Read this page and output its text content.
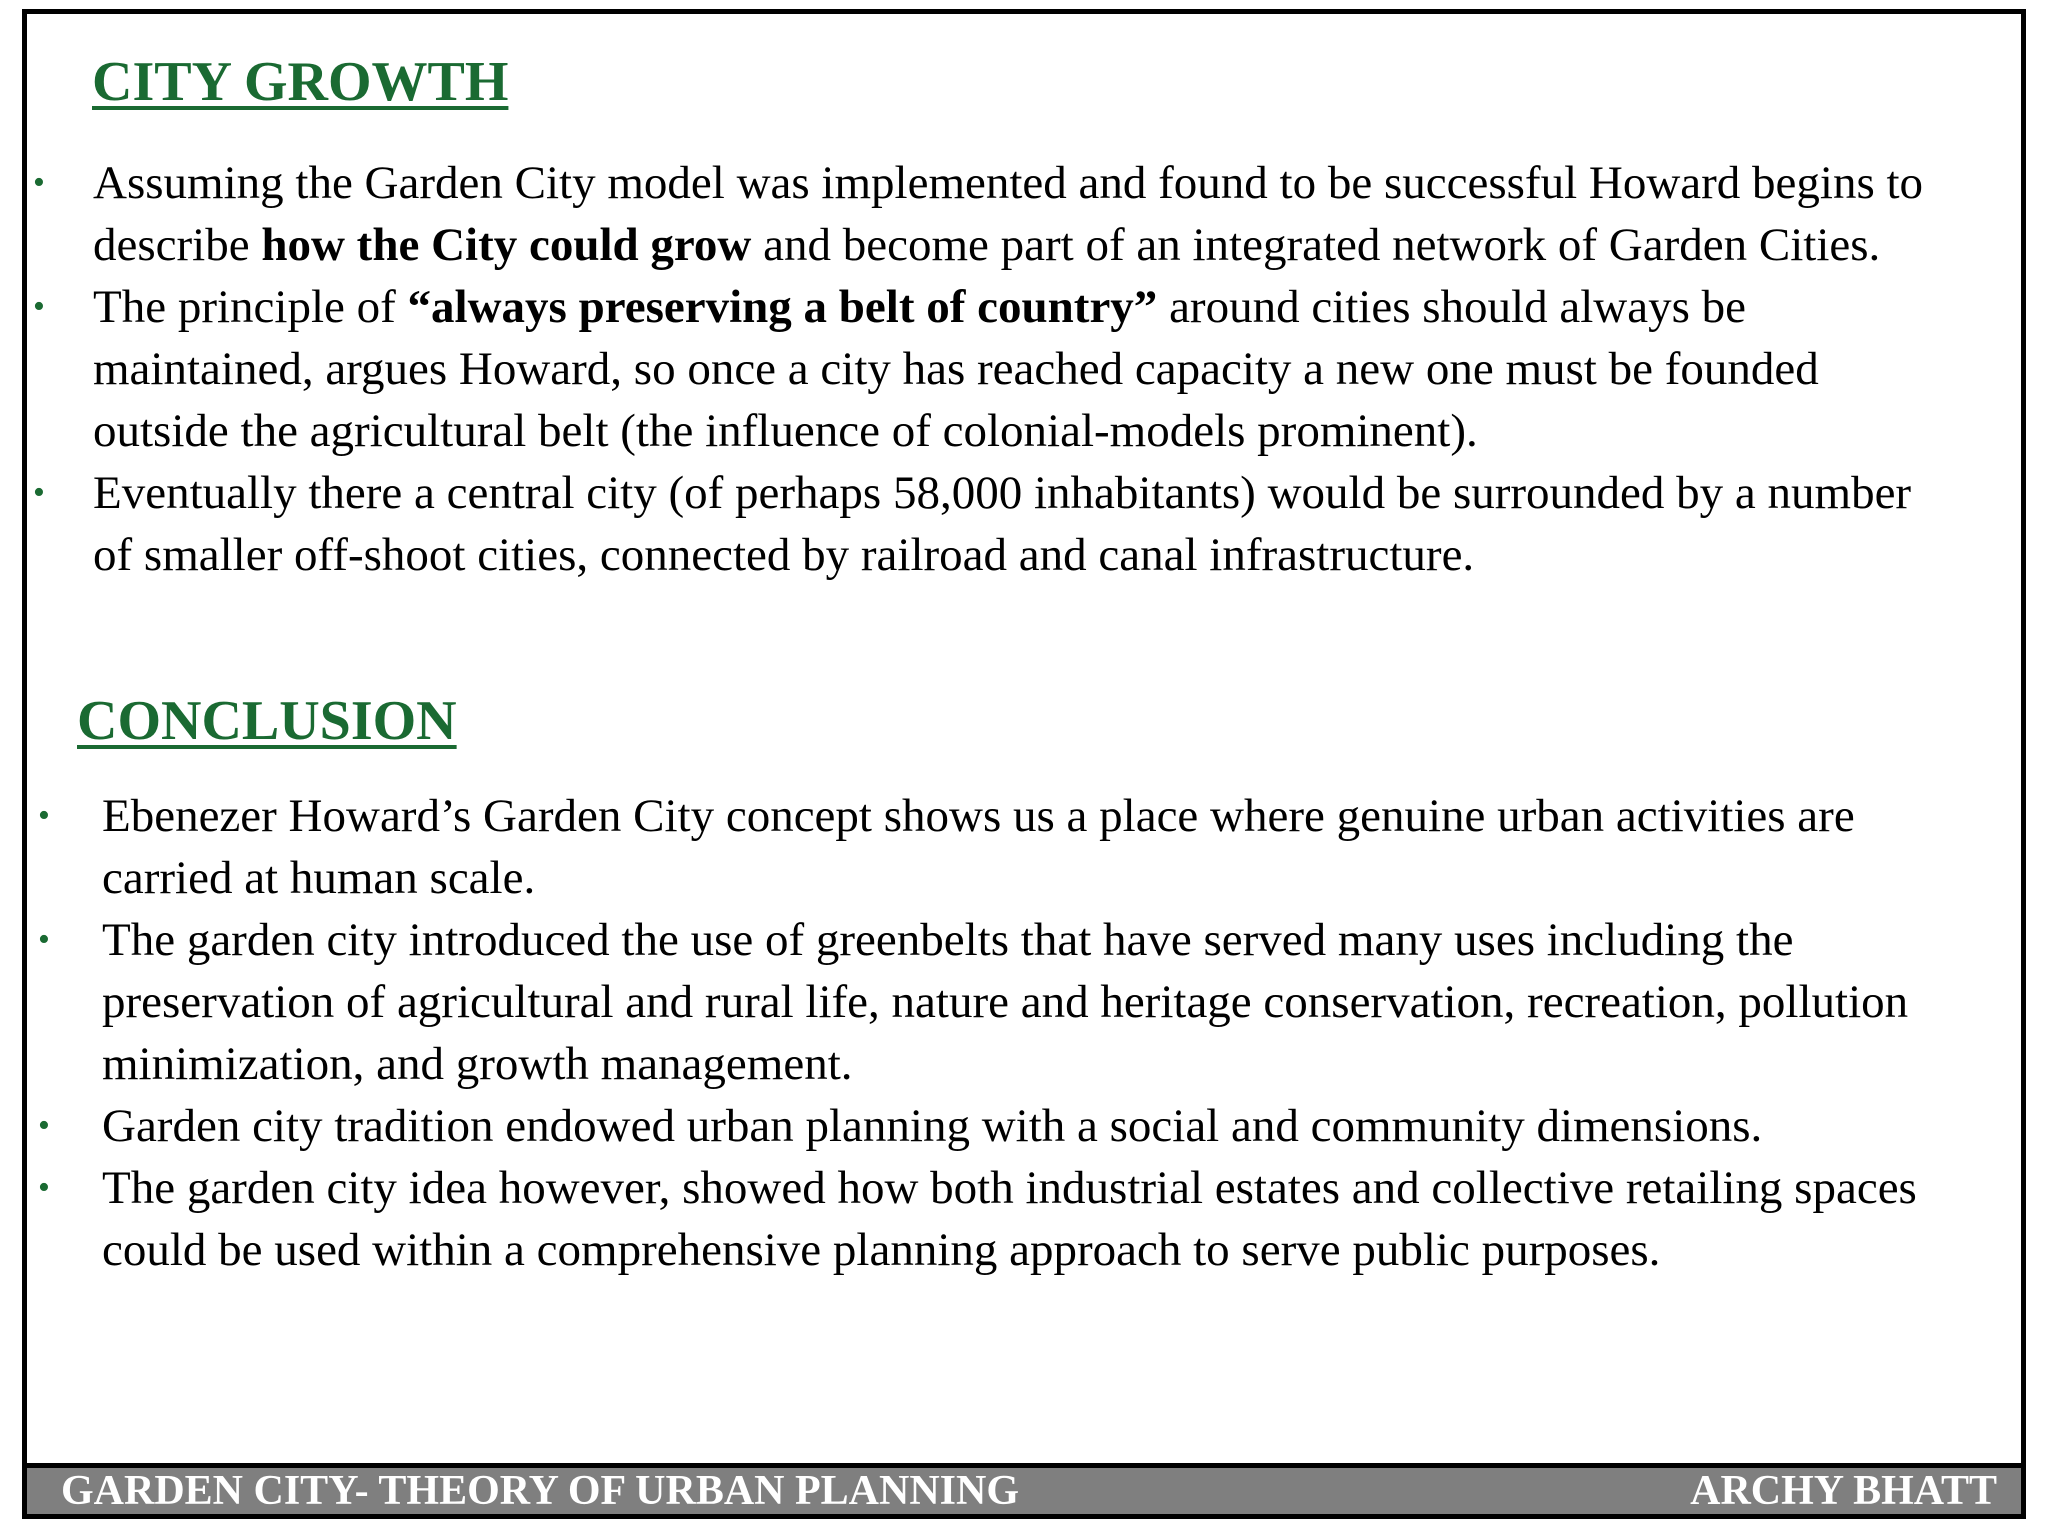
CITY GROWTH
• Assuming the Garden City model was implemented and found to be successful Howard begins to describe how the City could grow and become part of an integrated network of Garden Cities.
• The principle of “always preserving a belt of country” around cities should always be maintained, argues Howard, so once a city has reached capacity a new one must be founded outside the agricultural belt (the influence of colonial-models prominent).
• Eventually there a central city (of perhaps 58,000 inhabitants) would be surrounded by a number of smaller off-shoot cities, connected by railroad and canal infrastructure.
CONCLUSION
• Ebenezer Howard’s Garden City concept shows us a place where genuine urban activities are carried at human scale.
• The garden city introduced the use of greenbelts that have served many uses including the preservation of agricultural and rural life, nature and heritage conservation, recreation, pollution minimization, and growth management.
• Garden city tradition endowed urban planning with a social and community dimensions.
• The garden city idea however, showed how both industrial estates and collective retailing spaces could be used within a comprehensive planning approach to serve public purposes.
GARDEN CITY- THEORY OF URBAN PLANNING	ARCHY BHATT
